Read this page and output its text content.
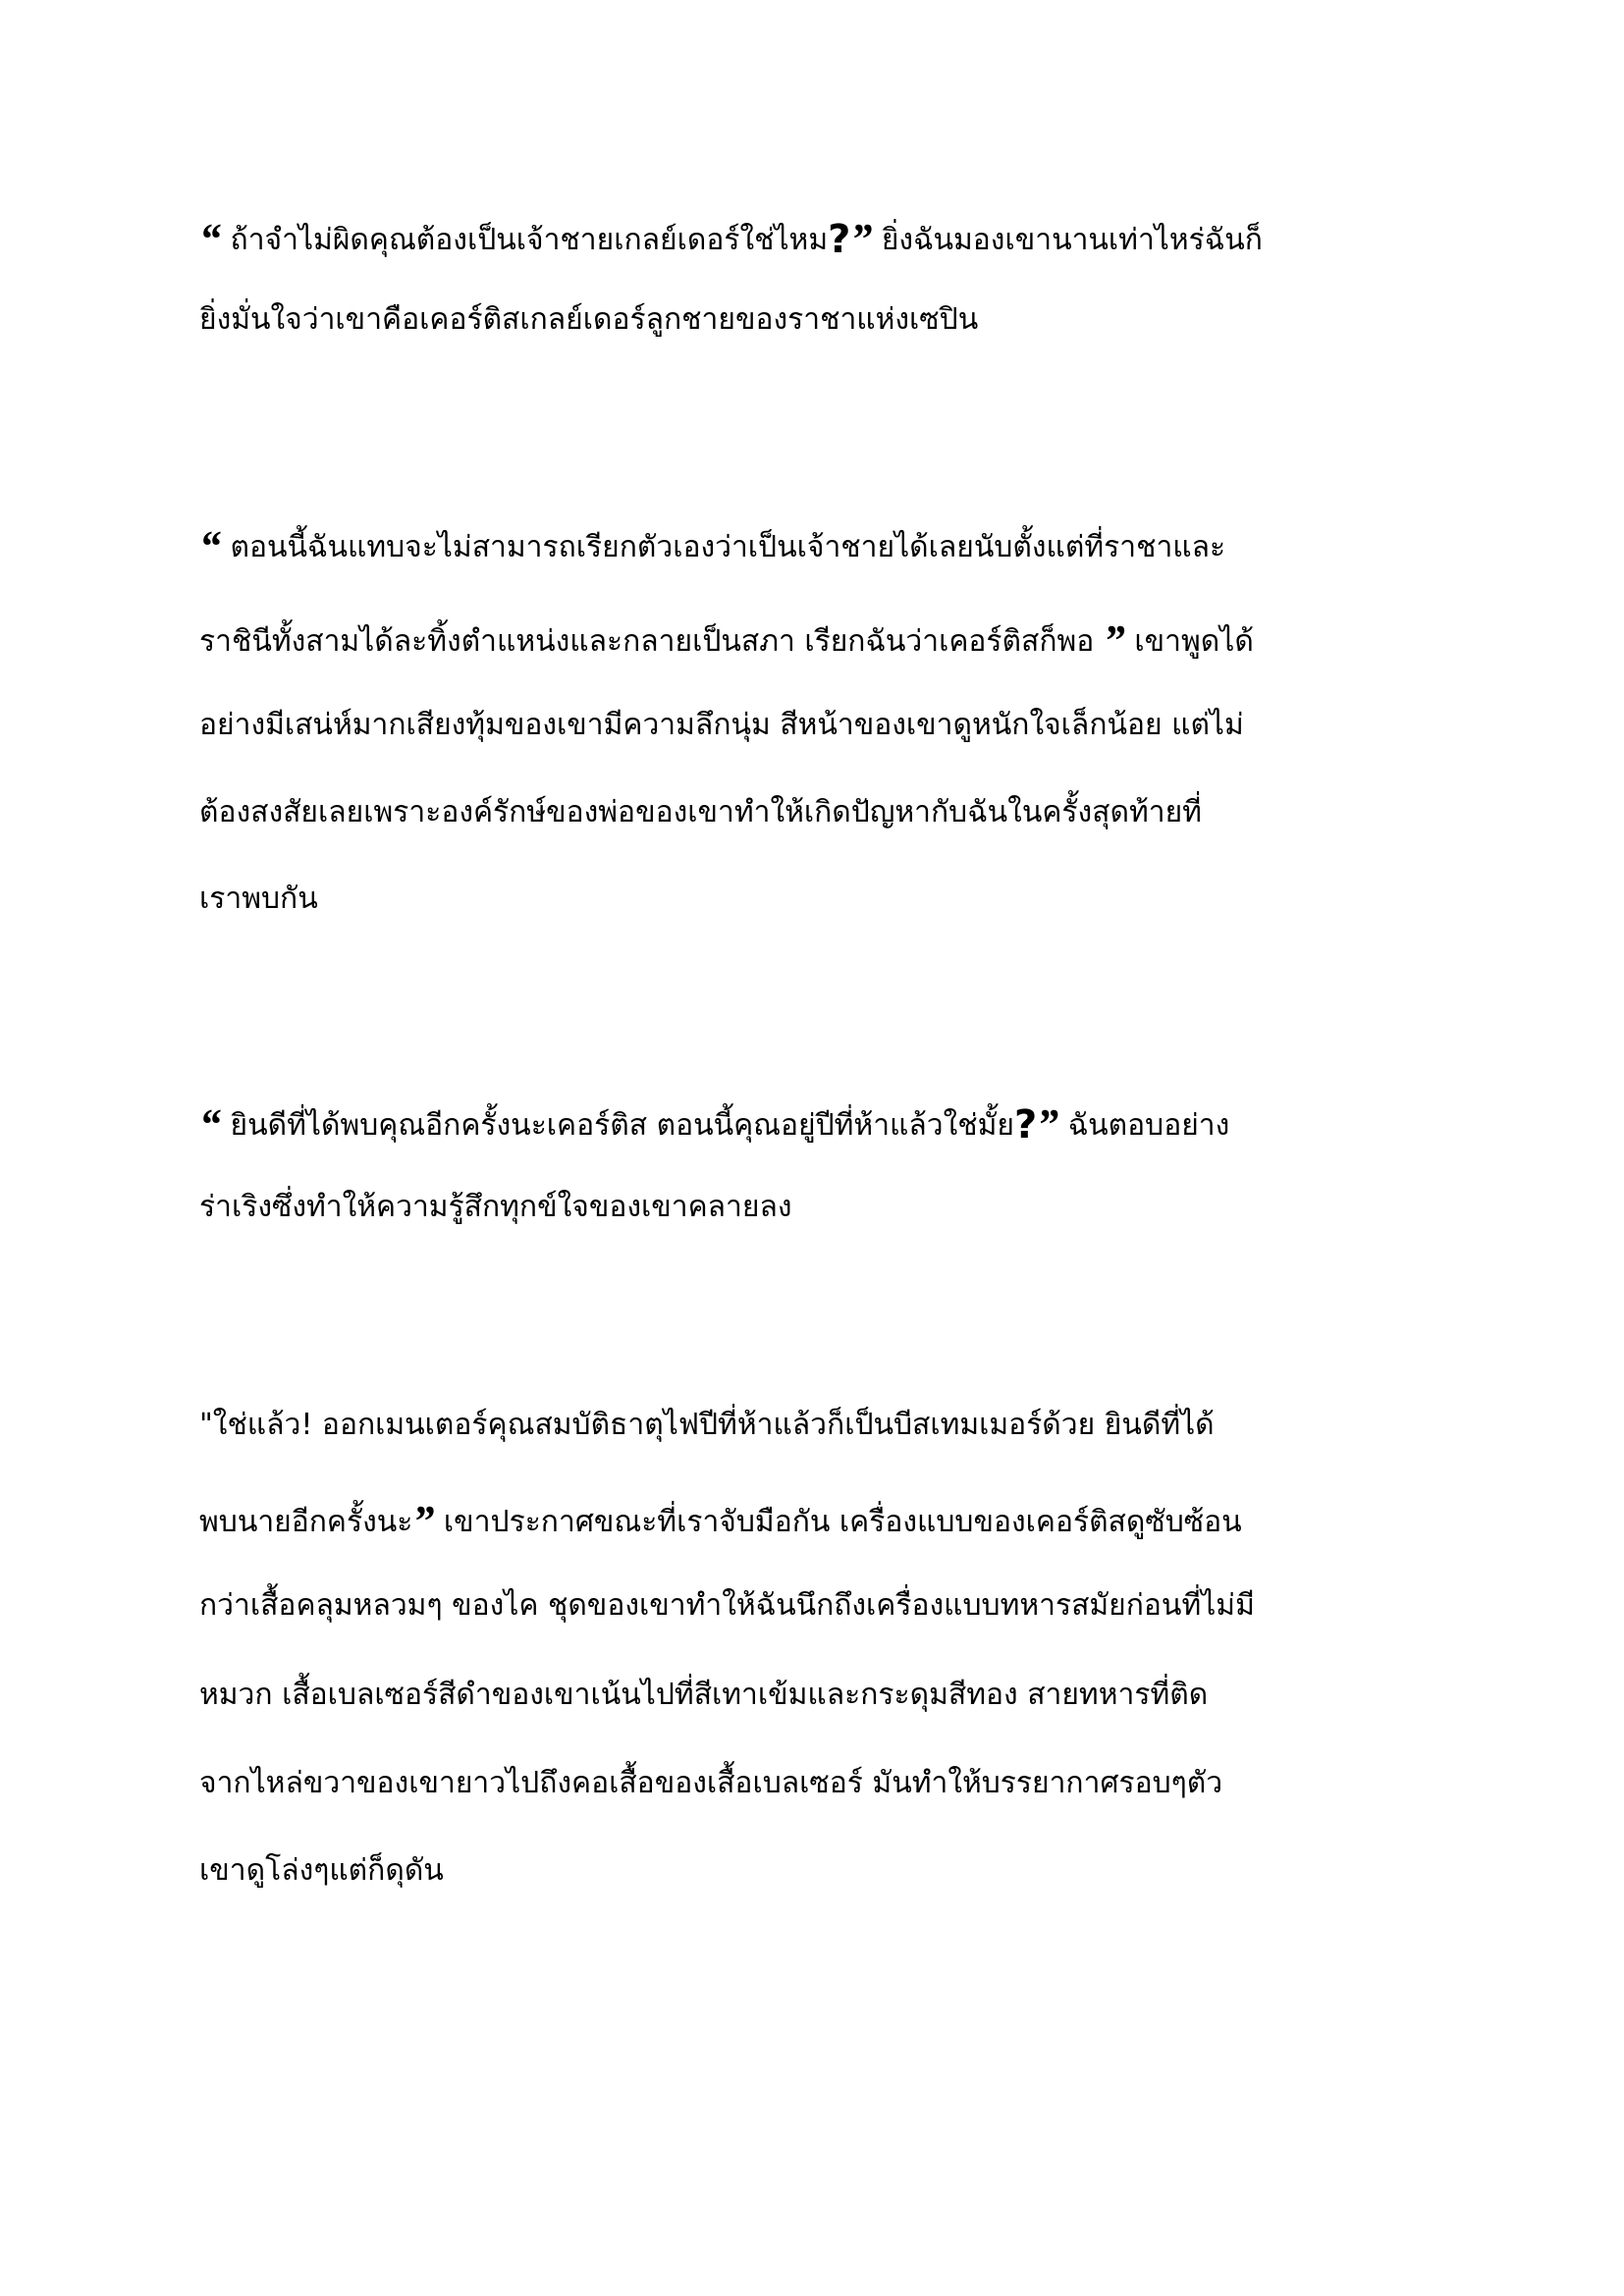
“ ถ้าจำไม่ผิดคุณต้องเป็นเจ้าชายเกลย์เดอร์ใช่ไหม?” ยิ่งฉันมองเขานานเท่าไหร่ฉันก็
ยิ่งมั่นใจว่าเขาคือเคอร์ติสเกลย์เดอร์ลูกชายของราชาแห่งเซปิน
“ ตอนนี้ฉันแทบจะไม่สามารถเรียกตัวเองว่าเป็นเจ้าชายได้เลยนับตั้งแต่ที่ราชาและ
ราชินีทั้งสามได้ละทิ้งตำแหน่งและกลายเป็นสภา เรียกฉันว่าเคอร์ติสก็พอ ” เขาพูดได้
อย่างมีเสน่ห์มากเสียงทุ้มของเขามีความลึกนุ่ม สีหน้าของเขาดูหนักใจเล็กน้อย แต่ไม่
ต้องสงสัยเลยเพราะองค์รักษ์ของพ่อของเขาทำให้เกิดปัญหากับฉันในครั้งสุดท้ายที่
เราพบกัน
“ ยินดีที่ได้พบคุณอีกครั้งนะเคอร์ติส ตอนนี้คุณอยู่ปีที่ห้าแล้วใช่มั้ย?” ฉันตอบอย่าง
ร่าเริงซึ่งทำให้ความรู้สึกทุกข์ใจของเขาคลายลง
"ใช่แล้ว! ออกเมนเตอร์คุณสมบัติธาตุไฟปีที่ห้าแล้วก็เป็นบีสเทมเมอร์ด้วย ยินดีที่ได้
พบนายอีกครั้งนะ” เขาประกาศขณะที่เราจับมือกัน เครื่องแบบของเคอร์ติสดูซับซ้อน
กว่าเสื้อคลุมหลวมๆ ของไค ชุดของเขาทำให้ฉันนึกถึงเครื่องแบบทหารสมัยก่อนที่ไม่มี
หมวก เสื้อเบลเซอร์สีดำของเขาเน้นไปที่สีเทาเข้มและกระดุมสีทอง สายทหารที่ติด
จากไหล่ขวาของเขายาวไปถึงคอเสื้อของเสื้อเบลเซอร์ มันทำให้บรรยากาศรอบๆตัว
เขาดูโล่งๆแต่ก็ดุดัน
